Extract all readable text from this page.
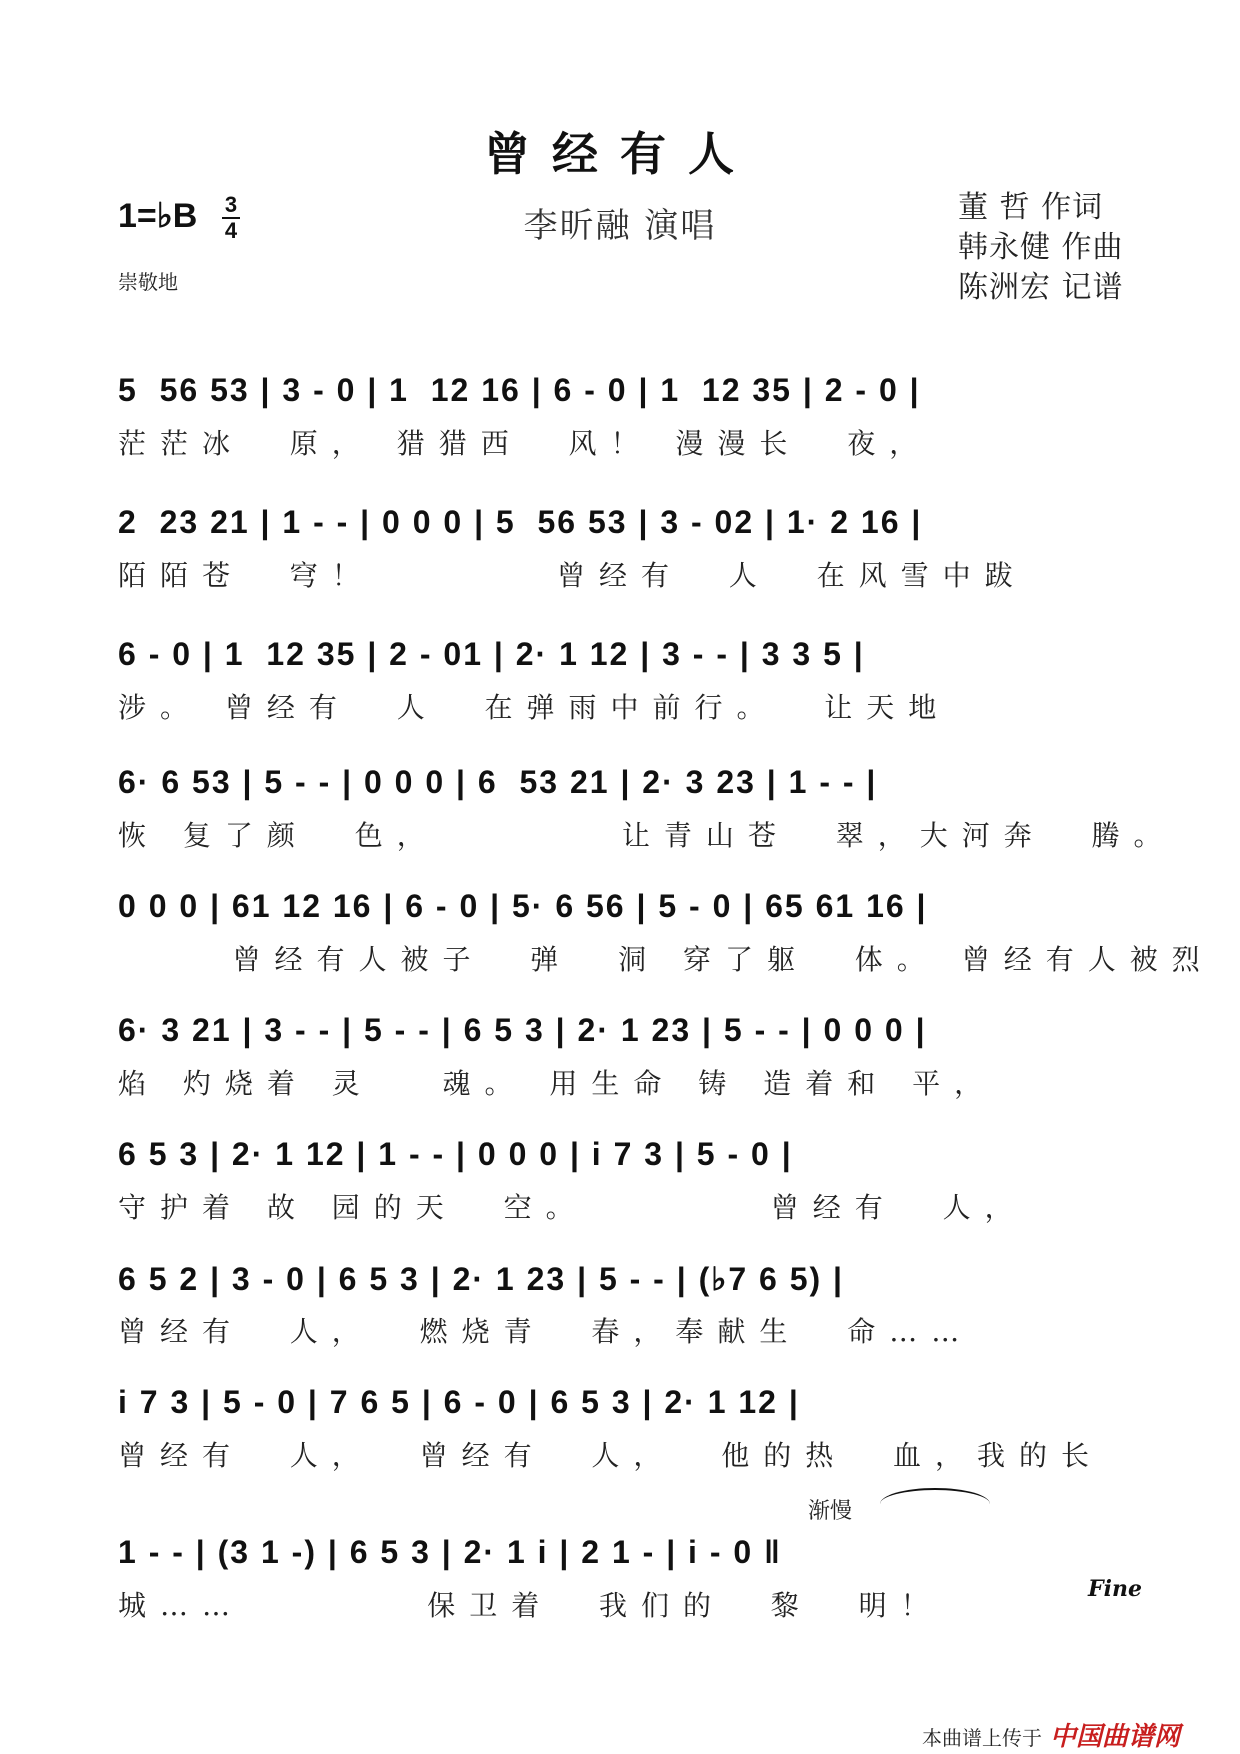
曾经有人
李昕融 演唱
1=♭B 3
4
崇敬地
董 哲 作词
韩永健 作曲
陈洲宏 记谱
5  56 53 | 3 - 0 | 1  12 16 | 6 - 0 | 1  12 35 | 2 - 0 |
茫茫冰  原， 猎猎西  风！ 漫漫长  夜，
2  23 21 | 1 - - | 0 0 0 | 5  56 53 | 3 - 02 | 1· 2 16 |
陌陌苍  穹！        曾经有  人  在风雪中跋
6 - 0 | 1  12 35 | 2 - 01 | 2· 1 12 | 3 - - | 3 3 5 |
涉。 曾经有  人  在弹雨中前行。  让天地
6· 6 53 | 5 - - | 0 0 0 | 6  53 21 | 2· 3 23 | 1 - - |
恢 复了颜  色，        让青山苍  翠，大河奔  腾。
0 0 0 | 61 12 16 | 6 - 0 | 5· 6 56 | 5 - 0 | 65 61 16 |
曾经有人被子  弹  洞 穿了躯  体。 曾经有人被烈
6· 3 21 | 3 - - | 5 - - | 6 5 3 | 2· 1 23 | 5 - - | 0 0 0 |
焰 灼烧着 灵   魂。 用生命 铸 造着和 平，
6 5 3 | 2· 1 12 | 1 - - | 0 0 0 | i 7 3 | 5 - 0 |
守护着 故 园的天  空。        曾经有  人，
6 5 2 | 3 - 0 | 6 5 3 | 2· 1 23 | 5 - - | (♭7 6 5) |
曾经有  人，  燃烧青  春，奉献生  命……
i 7 3 | 5 - 0 | 7 6 5 | 6 - 0 | 6 5 3 | 2· 1 12 |
曾经有  人，  曾经有  人，  他的热  血，我的长
1 - - | (3 1 -) | 6 5 3 | 2· 1 i | 2 1 - | i - 0 ‖
城……        保卫着  我们的  黎  明！
渐慢
Fine
本曲谱上传于 中国曲谱网
